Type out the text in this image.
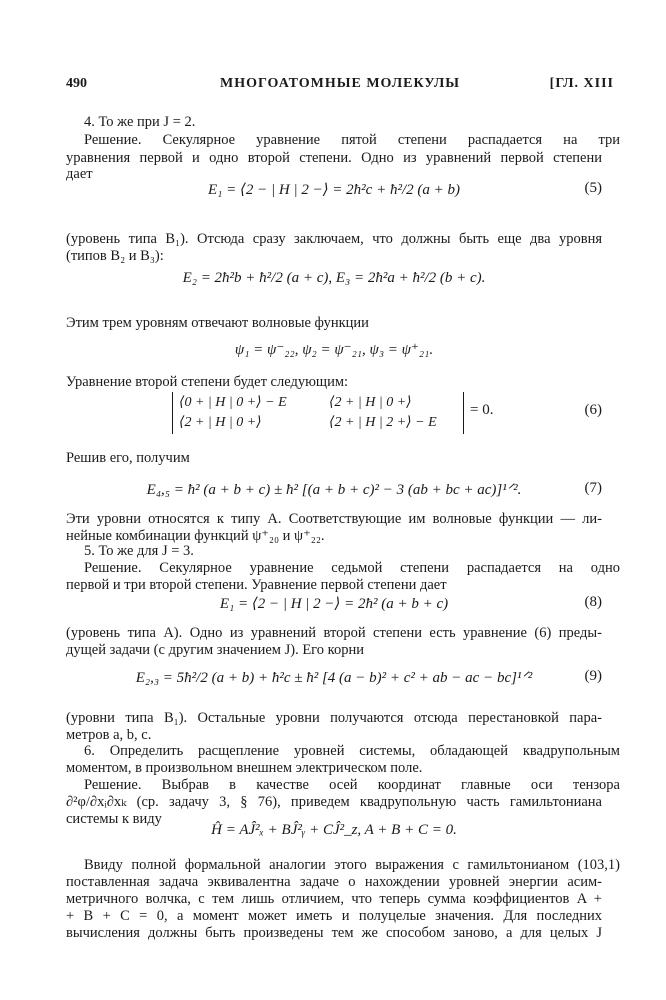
490	МНОГОАТОМНЫЕ МОЛЕКУЛЫ	[ГЛ. XIII
4. То же при J = 2.
Решение. Секулярное уравнение пятой степени распадается на три
уравнения первой и одно второй степени. Одно из уравнений первой степени
дает
E₁ = ⟨2 − | H | 2 −⟩ = 2ħ²c + ħ²/2 (a + b)	(5)
(уровень типа B₁). Отсюда сразу заключаем, что должны быть еще два уровня
(типов B₂ и B₃):
E₂ = 2ħ²b + ħ²/2 (a + c), E₃ = 2ħ²a + ħ²/2 (b + c).
Этим трем уровням отвечают волновые функции
ψ₁ = ψ⁻₂₂, ψ₂ = ψ⁻₂₁, ψ₃ = ψ⁺₂₁.
Уравнение второй степени будет следующим:
⟨0 + | H | 0 +⟩ − E	⟨2 + | H | 0 +⟩
⟨2 + | H | 0 +⟩	⟨2 + | H | 2 +⟩ − E
= 0.	(6)
Решив его, получим
E₄,₅ = ħ² (a + b + c) ± ħ² [(a + b + c)² − 3 (ab + bc + ac)]¹ᐟ².	(7)
Эти уровни относятся к типу A. Соответствующие им волновые функции — ли-
нейные комбинации функций ψ⁺₂₀ и ψ⁺₂₂.
5. То же для J = 3.
Решение. Секулярное уравнение седьмой степени распадается на одно
первой и три второй степени. Уравнение первой степени дает
E₁ = ⟨2 − | H | 2 −⟩ = 2ħ² (a + b + c)	(8)
(уровень типа A). Одно из уравнений второй степени есть уравнение (6) преды-
дущей задачи (с другим значением J). Его корни
E₂,₃ = 5ħ²/2 (a + b) + ħ²c ± ħ² [4 (a − b)² + c² + ab − ac − bc]¹ᐟ²	(9)
(уровни типа B₁). Остальные уровни получаются отсюда перестановкой пара-
метров a, b, c.
6. Определить расщепление уровней системы, обладающей квадрупольным
моментом, в произвольном внешнем электрическом поле.
Решение. Выбрав в качестве осей координат главные оси тензора
∂²φ/∂xᵢ∂xₖ (ср. задачу 3, § 76), приведем квадрупольную часть гамильтониана
системы к виду
Ĥ = AĴ²ₓ + BĴ²ᵧ + CĴ²_z, A + B + C = 0.
Ввиду полной формальной аналогии этого выражения с гамильтонианом (103,1)
поставленная задача эквивалентна задаче о нахождении уровней энергии асим-
метричного волчка, с тем лишь отличием, что теперь сумма коэффициентов A +
+ B + C = 0, а момент может иметь и полуцелые значения. Для последних
вычисления должны быть произведены тем же способом заново, а для целых J
